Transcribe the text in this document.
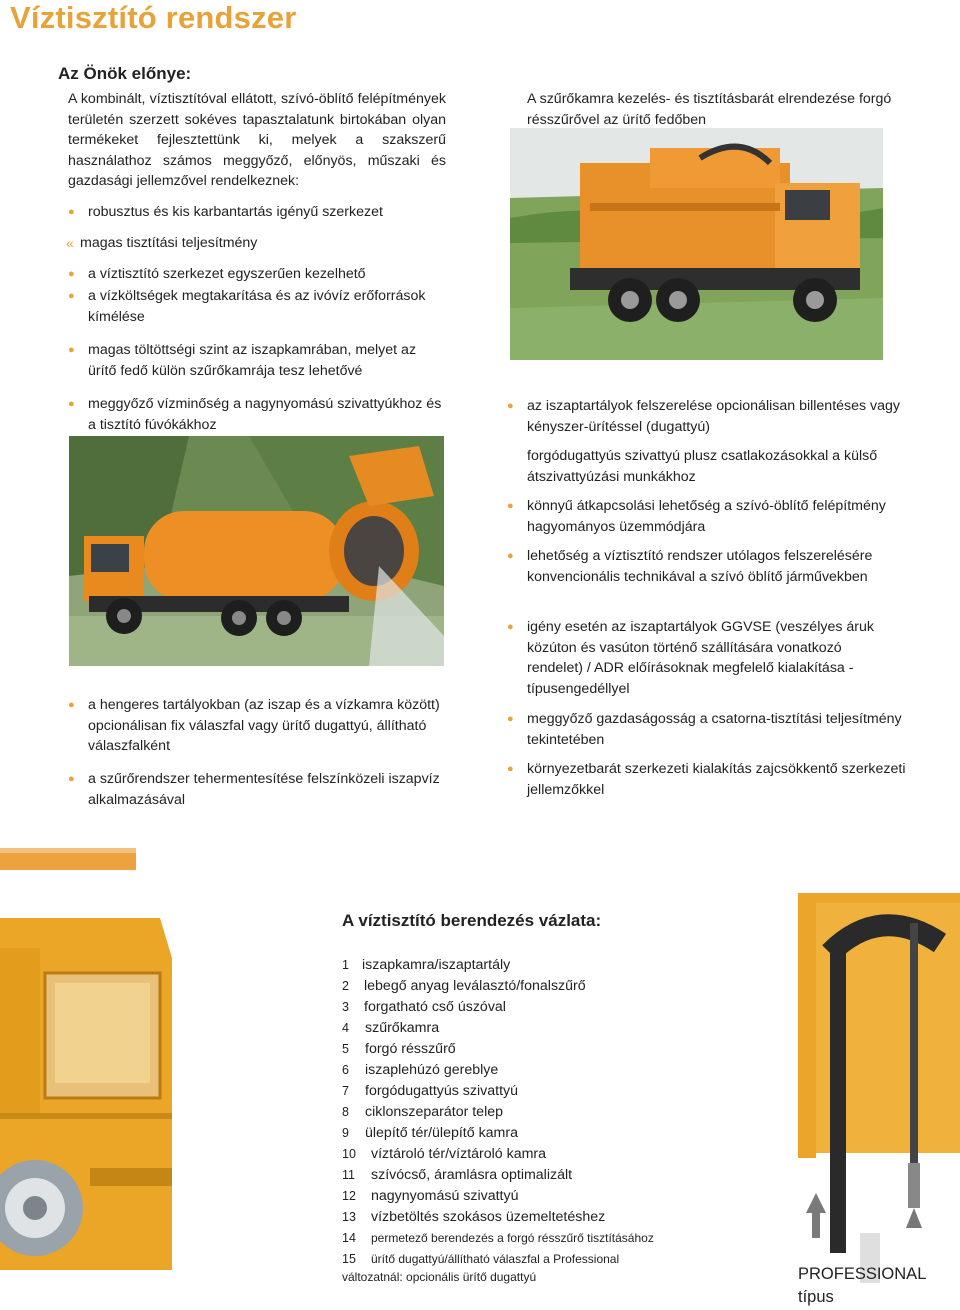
Víztisztító rendszer
Az Önök előnye:
A kombinált, víztisztítóval ellátott, szívó-öblítő felépítmények területén szerzett sokéves tapasztalatunk birtokában olyan termékeket fejlesztettünk ki, melyek a szakszerű használathoz számos meggyőző, előnyös, műszaki és gazdasági jellemzővel rendelkeznek:
● robusztus és kis karbantartás igényű szerkezet
« magas tisztítási teljesítmény
● a víztisztító szerkezet egyszerűen kezelhető
● a vízköltségek megtakarítása és az ivóvíz erőforrások kímélése
● magas töltöttségi szint az iszapkamrában, melyet az ürítő fedő külön szűrőkamrája tesz lehetővé
● meggyőző vízminőség a nagynyomású szivattyúkhoz és a tisztító fúvókákhoz
● a hengeres tartályokban (az iszap és a vízkamra között) opcionálisan fix válaszfal vagy ürítő dugattyú, állítható válaszfalként
● a szűrőrendszer tehermentesítése felszínközeli iszapvíz alkalmazásával
A szűrőkamra kezelés- és tisztításbarát elrendezése forgó résszűrővel az ürítő fedőben
● az iszaptartályok felszerelése opcionálisan billentéses vagy kényszer-ürítéssel (dugattyú)
forgódugattyús szivattyú plusz csatlakozásokkal a külső átszivattyúzási munkákhoz
● könnyű átkapcsolási lehetőség a szívó-öblítő felépítmény hagyományos üzemmódjára
● lehetőség a víztisztító rendszer utólagos felszerelésére konvencionális technikával a szívó öblítő járművekben
● igény esetén az iszaptartályok GGVSE (veszélyes áruk közúton és vasúton történő szállítására vonatkozó rendelet) / ADR előírásoknak megfelelő kialakítása - típusengedéllyel
● meggyőző gazdaságosság a csatorna-tisztítási teljesítmény tekintetében
● környezetbarát szerkezeti kialakítás zajcsökkentő szerkezeti jellemzőkkel
A víztisztító berendezés vázlata:
1 iszapkamra/iszaptartály
2 lebegő anyag leválasztó/fonalszűrő
3 forgatható cső úszóval
4 szűrőkamra
5 forgó résszűrő
6 iszaplehúzó gereblye
7 forgódugattyús szivattyú
8 ciklonszeparátor telep
9 ülepítő tér/ülepítő kamra
10 víztároló tér/víztároló kamra
11 szívócső, áramlásra optimalizált
12 nagynyomású szivattyú
13 vízbetöltés szokásos üzemeltetéshez
14 permetező berendezés a forgó résszűrő tisztításához
15 ürítő dugattyú/állítható válaszfal a Professional
változatnál: opcionális ürítő dugattyú	PROFESSIONAL típus
